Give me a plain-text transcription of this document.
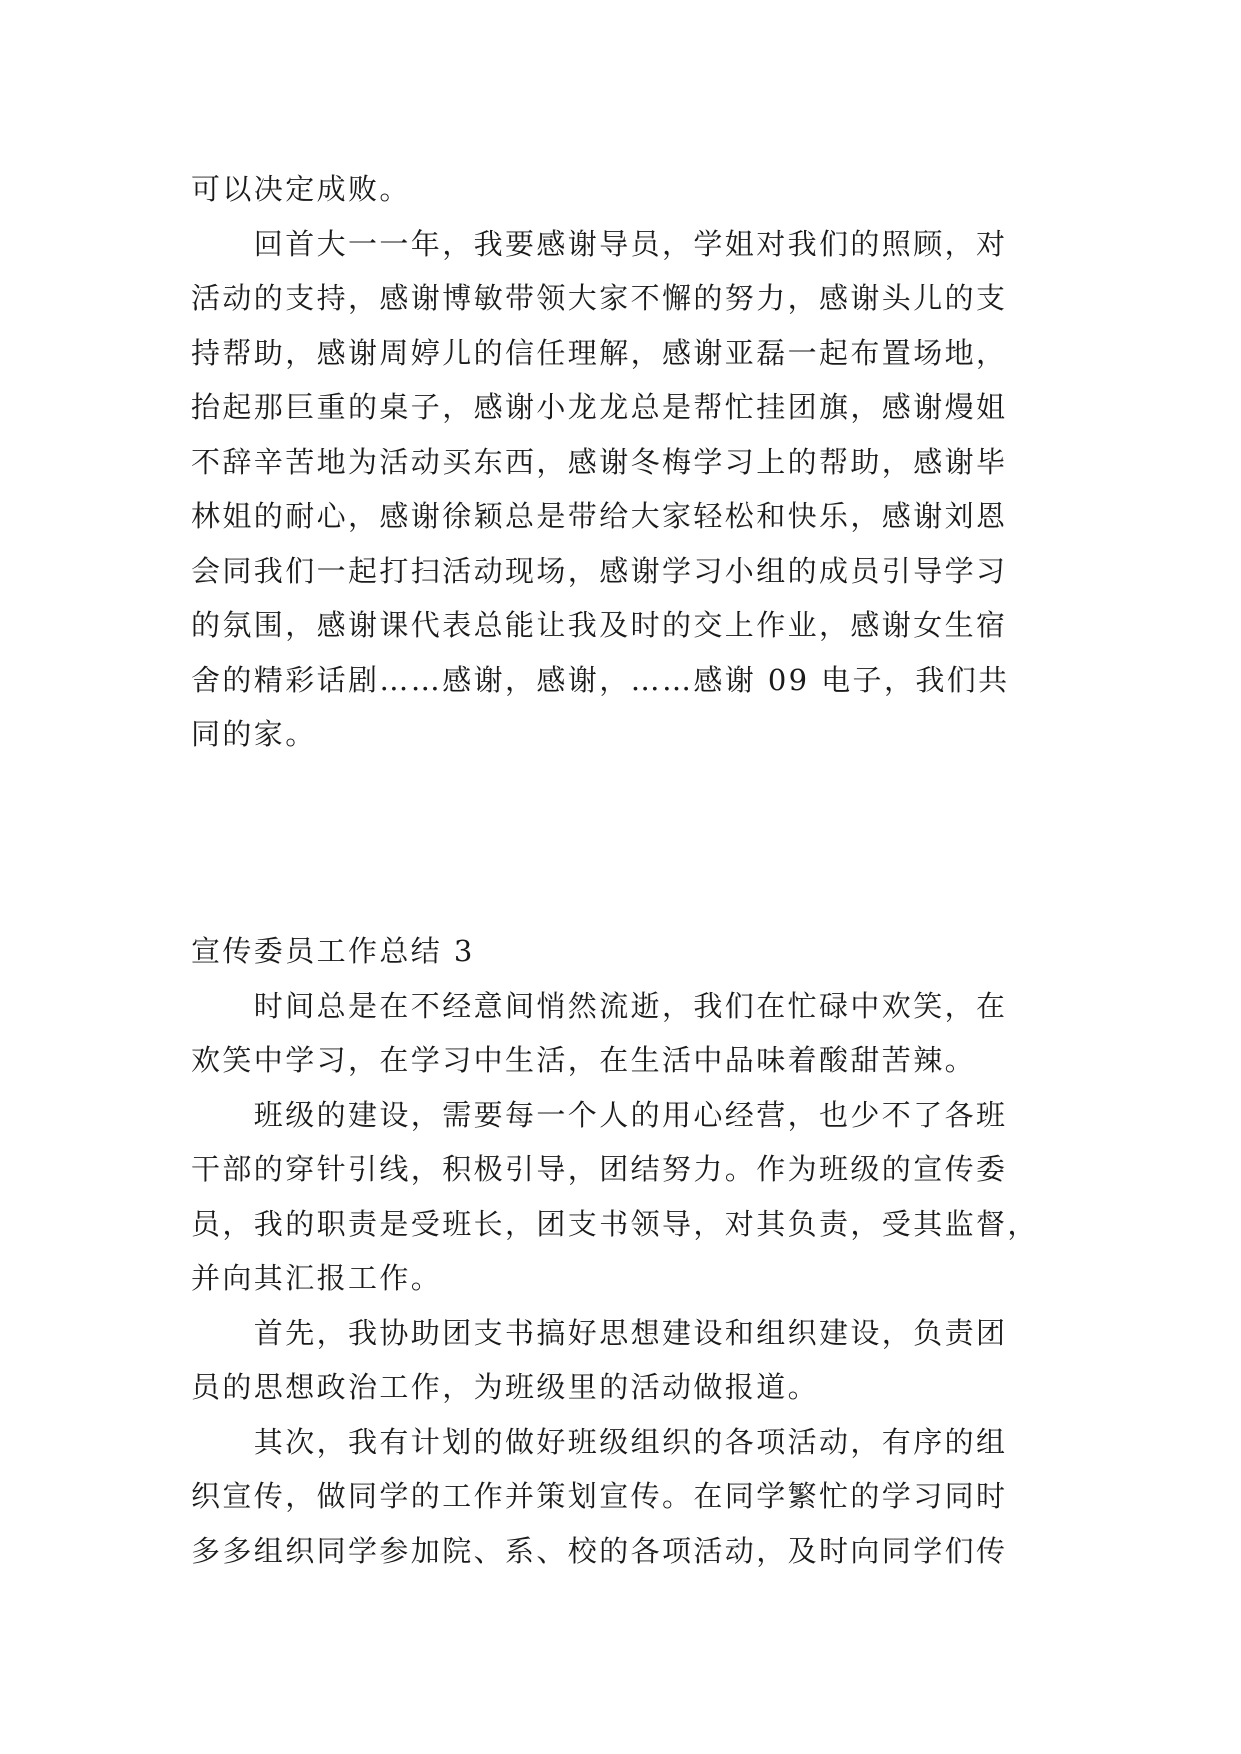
可以决定成败。
　　回首大一一年，我要感谢导员，学姐对我们的照顾，对
活动的支持，感谢博敏带领大家不懈的努力，感谢头儿的支
持帮助，感谢周婷儿的信任理解，感谢亚磊一起布置场地，
抬起那巨重的桌子，感谢小龙龙总是帮忙挂团旗，感谢熳姐
不辞辛苦地为活动买东西，感谢冬梅学习上的帮助，感谢毕
林姐的耐心，感谢徐颖总是带给大家轻松和快乐，感谢刘恩
会同我们一起打扫活动现场，感谢学习小组的成员引导学习
的氛围，感谢课代表总能让我及时的交上作业，感谢女生宿
舍的精彩话剧……感谢，感谢，……感谢 09 电子，我们共
同的家。
宣传委员工作总结 3
　　时间总是在不经意间悄然流逝，我们在忙碌中欢笑，在
欢笑中学习，在学习中生活，在生活中品味着酸甜苦辣。
　　班级的建设，需要每一个人的用心经营，也少不了各班
干部的穿针引线，积极引导，团结努力。作为班级的宣传委
员，我的职责是受班长，团支书领导，对其负责，受其监督，
并向其汇报工作。
　　首先，我协助团支书搞好思想建设和组织建设，负责团
员的思想政治工作，为班级里的活动做报道。
　　其次，我有计划的做好班级组织的各项活动，有序的组
织宣传，做同学的工作并策划宣传。在同学繁忙的学习同时
多多组织同学参加院、系、校的各项活动，及时向同学们传
